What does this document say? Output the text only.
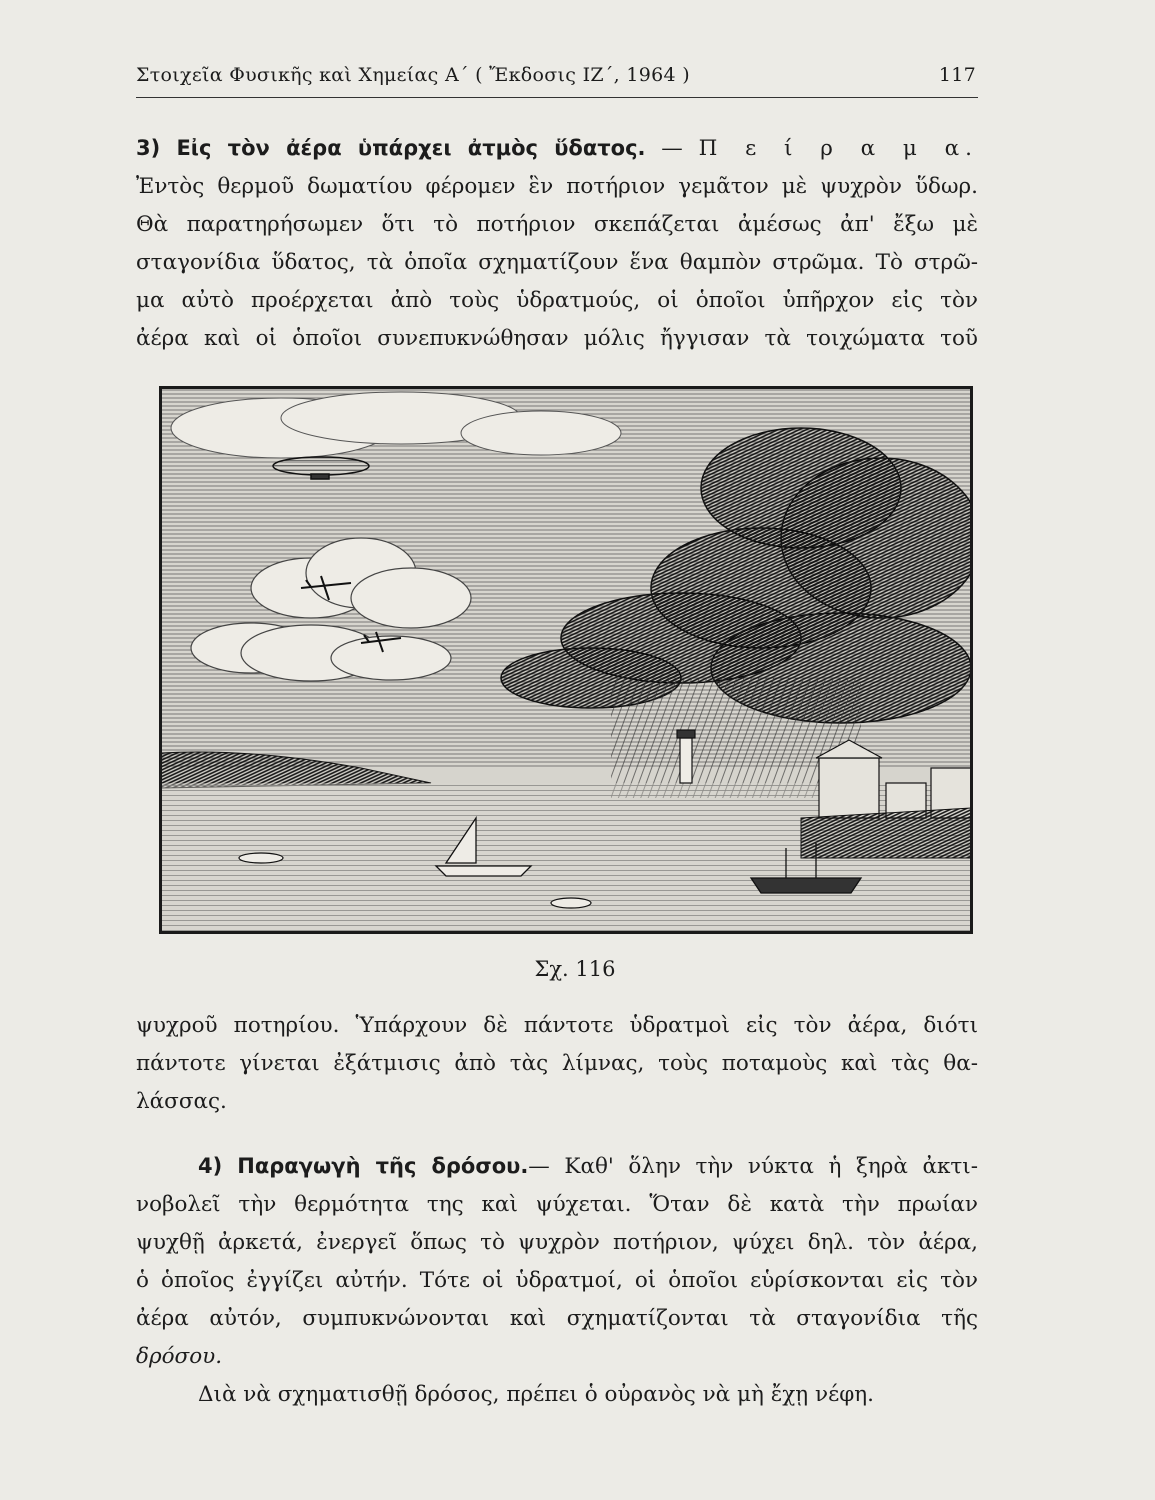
Στοιχεῖα Φυσικῆς καὶ Χημείας Α΄ ( Ἔκδοσις ΙΖ΄, 1964 )	117
3) Εἰς τὸν ἀέρα ὑπάρχει ἀτμὸς ὕδατος. — Π ε ί ρ α μ α.
Ἐντὸς θερμοῦ δωματίου φέρομεν ἓν ποτήριον γεμᾶτον μὲ ψυχρὸν ὕδωρ.
Θὰ παρατηρήσωμεν ὅτι τὸ ποτήριον σκεπάζεται ἀμέσως ἀπ' ἔξω μὲ
σταγονίδια ὕδατος, τὰ ὁποῖα σχηματίζουν ἕνα θαμπὸν στρῶμα. Τὸ στρῶ-
μα αὐτὸ προέρχεται ἀπὸ τοὺς ὑδρατμούς, οἱ ὁποῖοι ὑπῆρχον εἰς τὸν
ἀέρα καὶ οἱ ὁποῖοι συνεπυκνώθησαν μόλις ἤγγισαν τὰ τοιχώματα τοῦ
Σχ. 116
ψυχροῦ ποτηρίου. Ὑπάρχουν δὲ πάντοτε ὑδρατμοὶ εἰς τὸν ἀέρα, διότι
πάντοτε γίνεται ἐξάτμισις ἀπὸ τὰς λίμνας, τοὺς ποταμοὺς καὶ τὰς θα-
λάσσας.
4) Παραγωγὴ τῆς δρόσου.— Καθ' ὅλην τὴν νύκτα ἡ ξηρὰ ἀκτι-
νοβολεῖ τὴν θερμότητα της καὶ ψύχεται. Ὅταν δὲ κατὰ τὴν πρωίαν
ψυχθῇ ἀρκετά, ἐνεργεῖ ὅπως τὸ ψυχρὸν ποτήριον, ψύχει δηλ. τὸν ἀέρα,
ὁ ὁποῖος ἐγγίζει αὐτήν. Τότε οἱ ὑδρατμοί, οἱ ὁποῖοι εὑρίσκονται εἰς τὸν
ἀέρα αὐτόν, συμπυκνώνονται καὶ σχηματίζονται τὰ σταγονίδια τῆς
δρόσου.
Διὰ νὰ σχηματισθῇ δρόσος, πρέπει ὁ οὐρανὸς νὰ μὴ ἔχῃ νέφη.
